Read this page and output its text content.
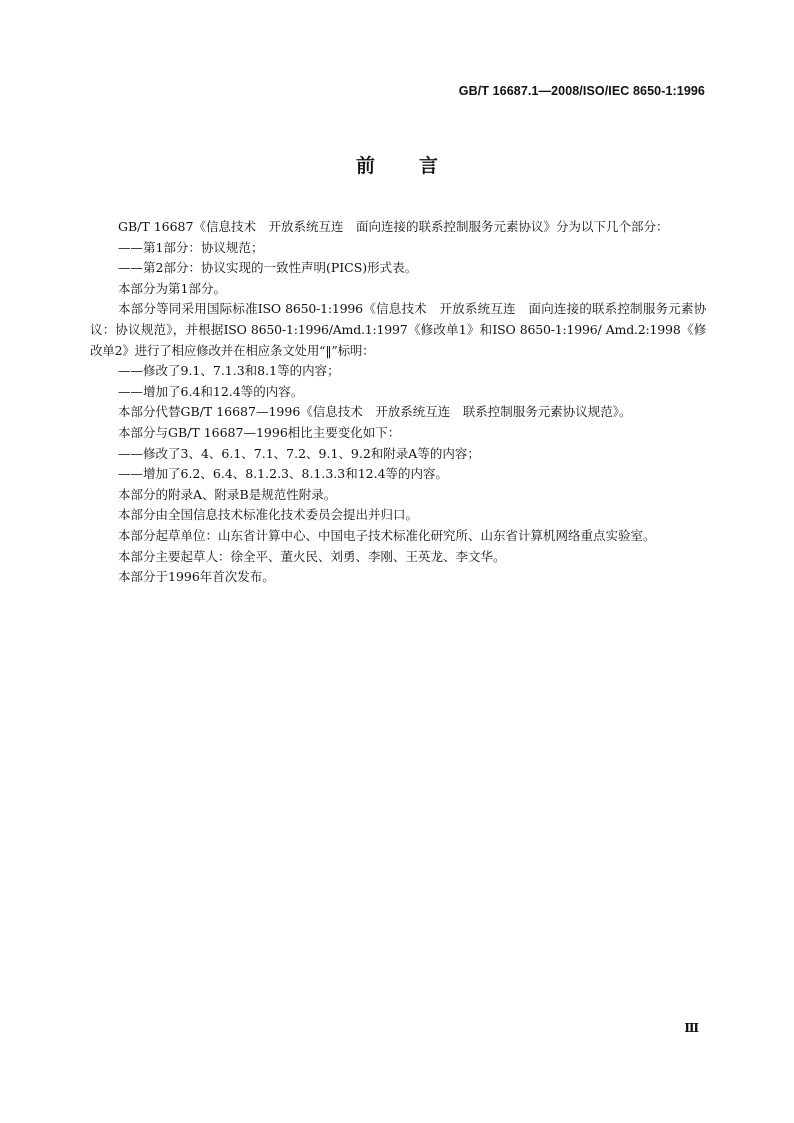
GB/T 16687.1—2008/ISO/IEC 8650-1:1996
前 言

GB/T 16687《信息技术　开放系统互连　面向连接的联系控制服务元素协议》分为以下几个部分：

——第1部分：协议规范；

——第2部分：协议实现的一致性声明(PICS)形式表。

本部分为第1部分。

本部分等同采用国际标准ISO 8650-1:1996《信息技术　开放系统互连　面向连接的联系控制服务元素协议：协议规范》，并根据ISO 8650-1:1996/Amd.1:1997《修改单1》和ISO 8650-1:1996/ Amd.2:1998《修改单2》进行了相应修改并在相应条文处用“‖”标明：

——修改了9.1、7.1.3和8.1等的内容；

——增加了6.4和12.4等的内容。

本部分代替GB/T 16687—1996《信息技术　开放系统互连　联系控制服务元素协议规范》。

本部分与GB/T 16687—1996相比主要变化如下：

——修改了3、4、6.1、7.1、7.2、9.1、9.2和附录A等的内容；

——增加了6.2、6.4、8.1.2.3、8.1.3.3和12.4等的内容。

本部分的附录A、附录B是规范性附录。

本部分由全国信息技术标准化技术委员会提出并归口。

本部分起草单位：山东省计算中心、中国电子技术标准化研究所、山东省计算机网络重点实验室。

本部分主要起草人：徐全平、董火民、刘勇、李刚、王英龙、李文华。

本部分于1996年首次发布。

Ⅲ
